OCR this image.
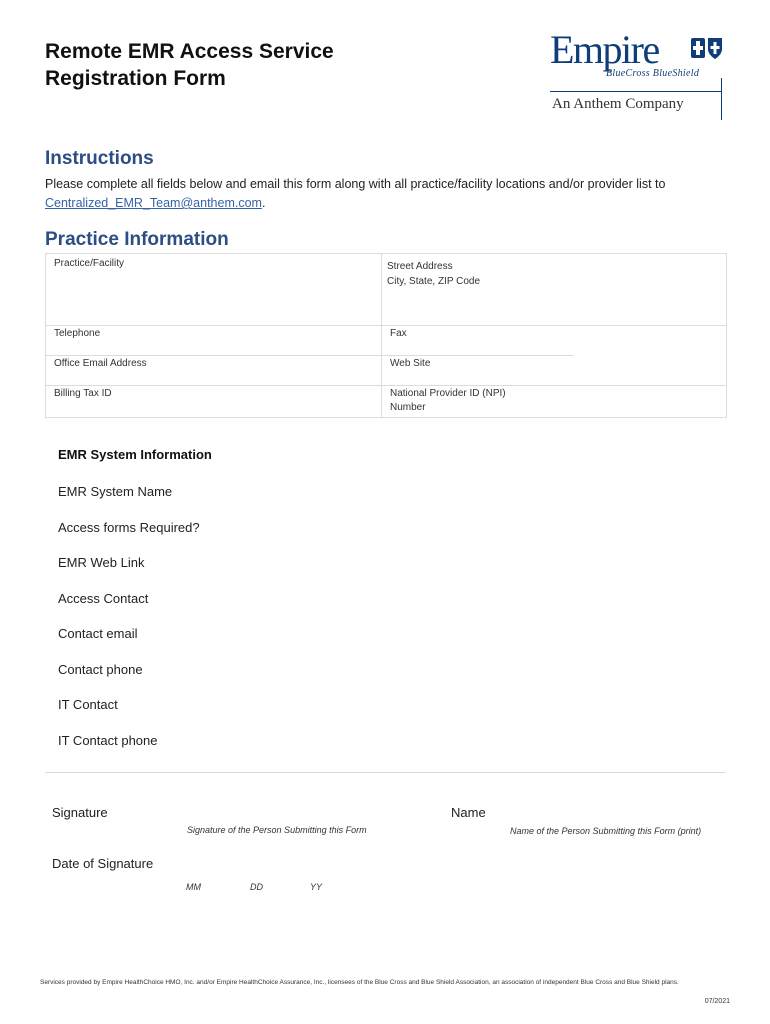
Remote EMR Access Service
Registration Form
Empire
BlueCross BlueShield
An Anthem Company
Instructions
Please complete all fields below and email this form along with all practice/facility locations and/or provider list to
Centralized_EMR_Team@anthem.com.
Practice Information
Practice/Facility	Street Address
City, State, ZIP Code
Telephone	Fax
Office Email Address	Web Site
Billing Tax ID	National Provider ID (NPI)
Number
EMR System Information
EMR System Name
Access forms Required?
EMR Web Link
Access Contact
Contact email
Contact phone
IT Contact
IT Contact phone
Signature
Signature of the Person Submitting this Form
Name
Name of the Person Submitting this Form (print)
Date of Signature
MM	DD	YY
Services provided by Empire HealthChoice HMO, Inc. and/or Empire HealthChoice Assurance, Inc., licensees of the Blue Cross and Blue Shield Association, an association of independent Blue Cross and Blue Shield plans.
07/2021
